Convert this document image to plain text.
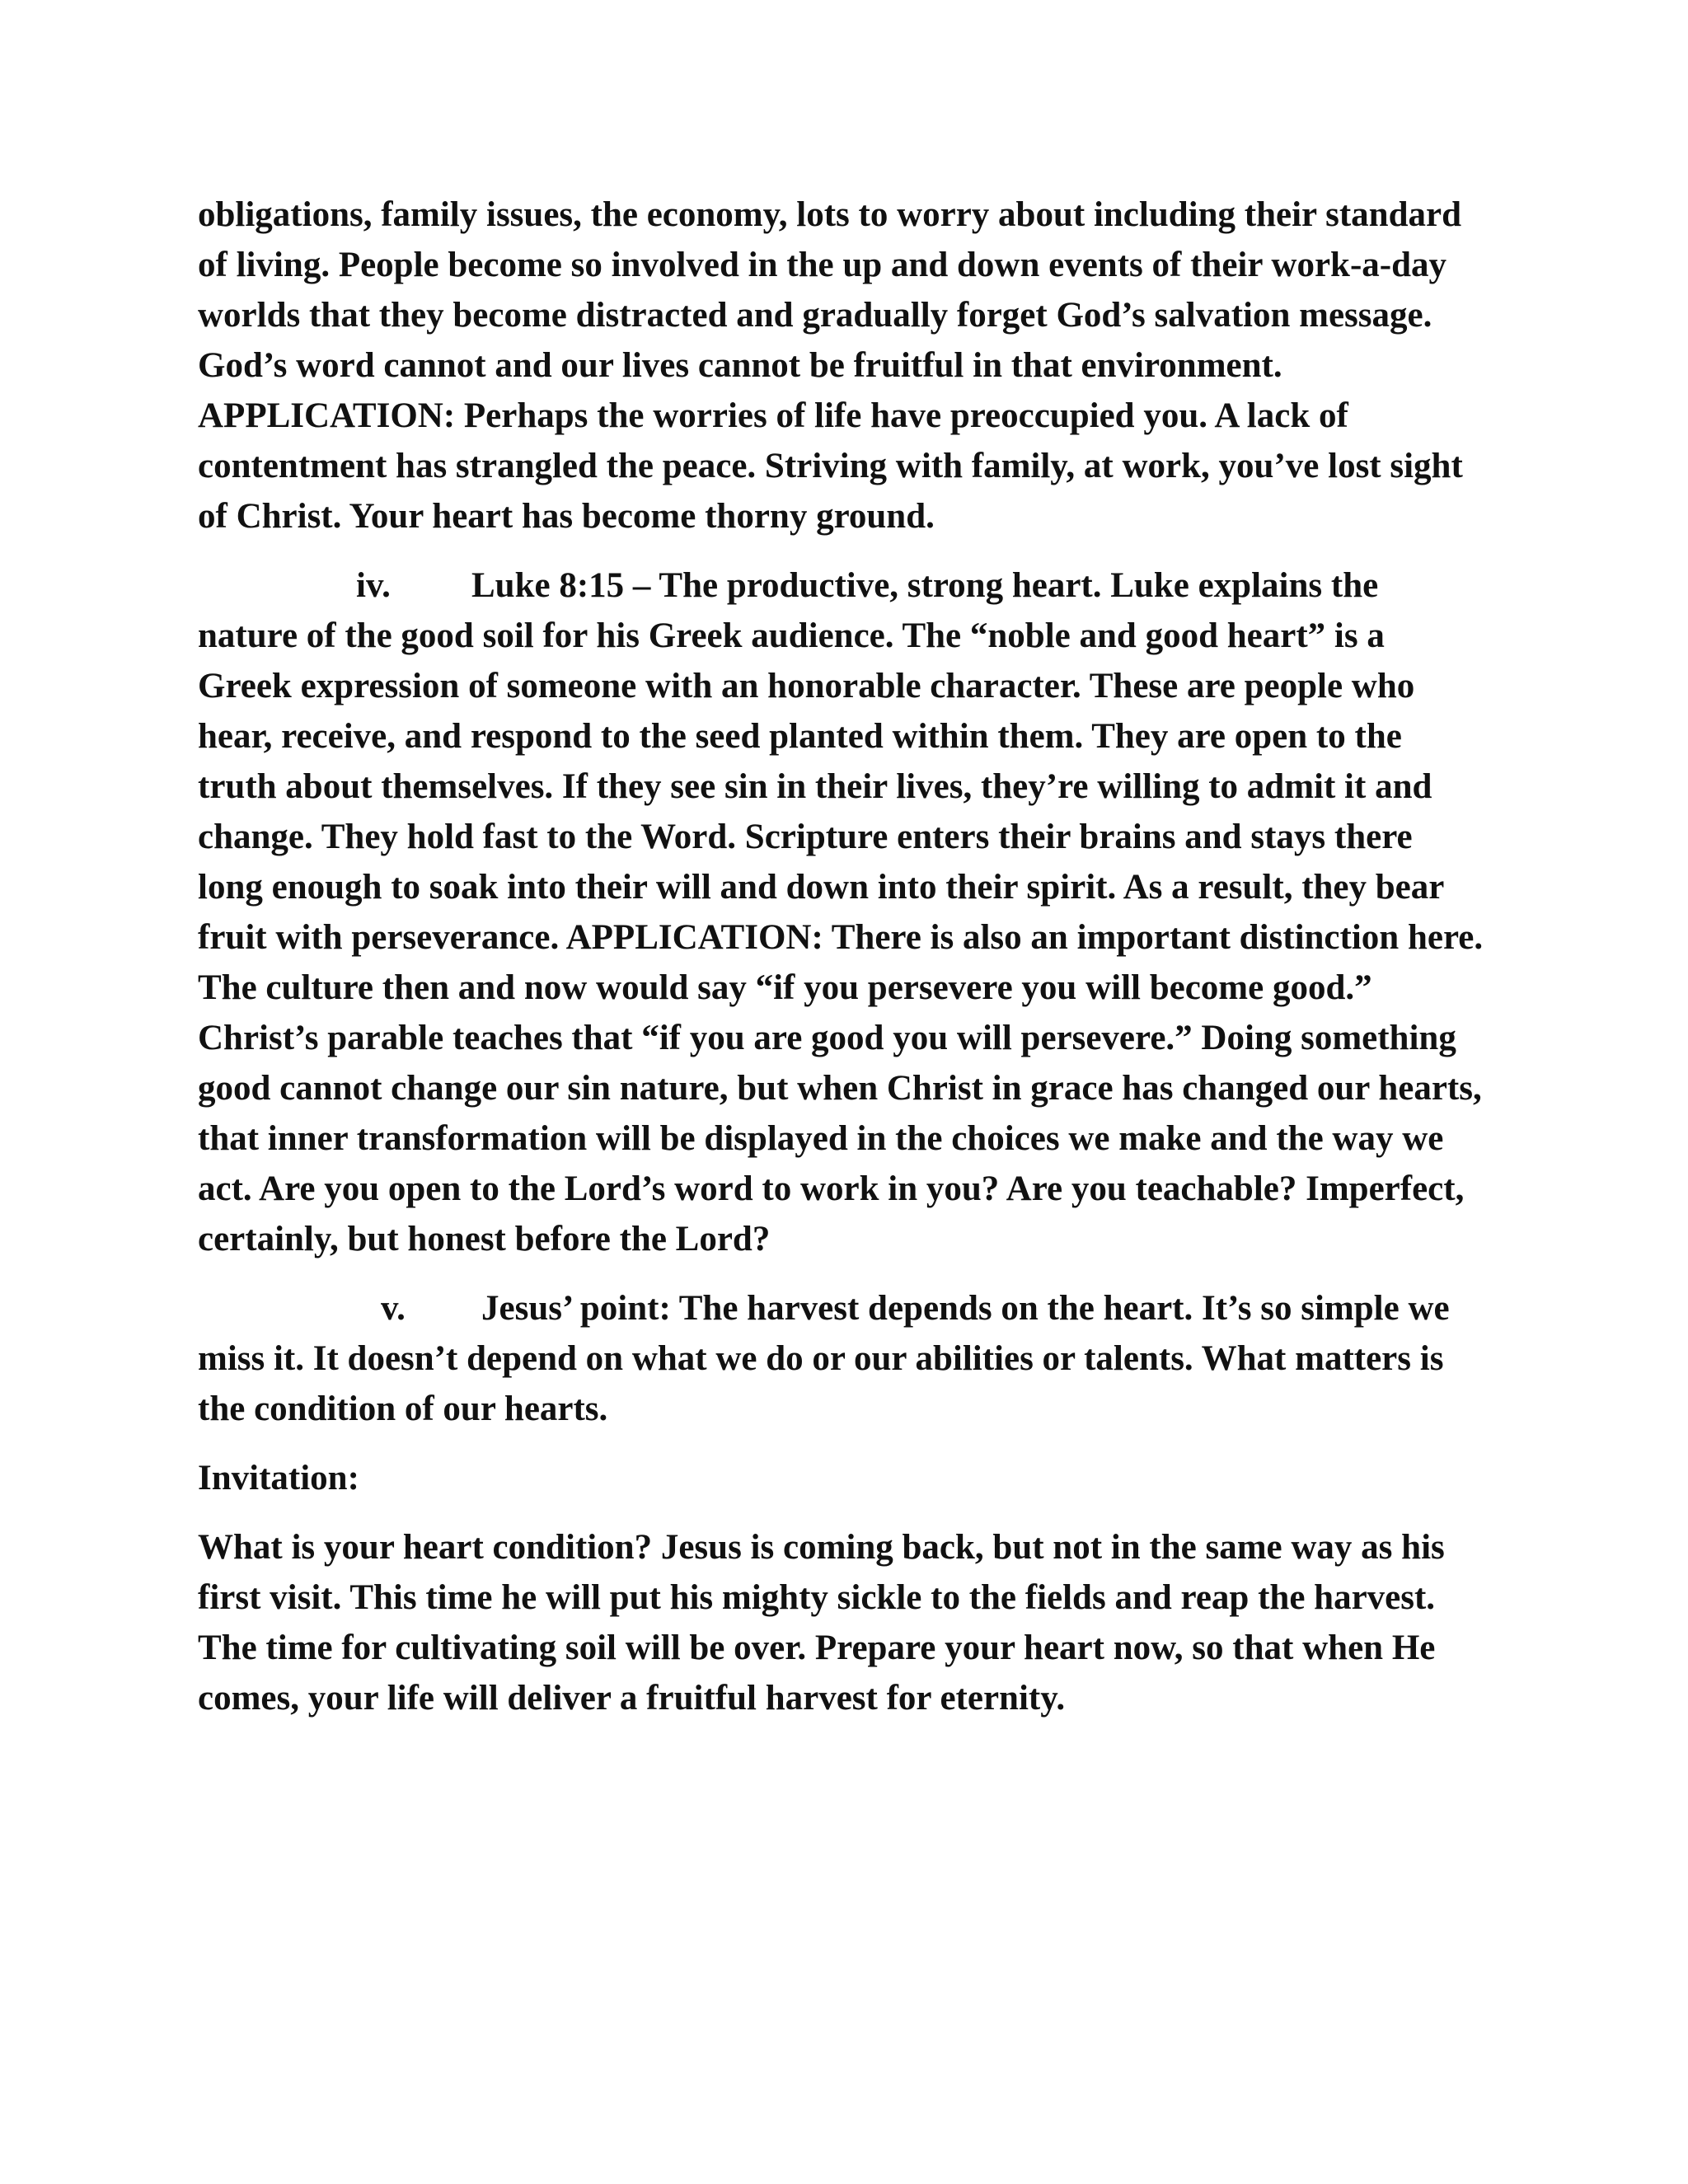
obligations, family issues, the economy, lots to worry about including their standard of living. People become so involved in the up and down events of their work-a-day worlds that they become distracted and gradually forget God’s salvation message. God’s word cannot and our lives cannot be fruitful in that environment. APPLICATION: Perhaps the worries of life have preoccupied you. A lack of contentment has strangled the peace. Striving with family, at work, you’ve lost sight of Christ. Your heart has become thorny ground.

iv. Luke 8:15 – The productive, strong heart. Luke explains the nature of the good soil for his Greek audience. The “noble and good heart” is a Greek expression of someone with an honorable character. These are people who hear, receive, and respond to the seed planted within them. They are open to the truth about themselves. If they see sin in their lives, they’re willing to admit it and change. They hold fast to the Word. Scripture enters their brains and stays there long enough to soak into their will and down into their spirit. As a result, they bear fruit with perseverance. APPLICATION: There is also an important distinction here. The culture then and now would say “if you persevere you will become good.” Christ’s parable teaches that “if you are good you will persevere.” Doing something good cannot change our sin nature, but when Christ in grace has changed our hearts, that inner transformation will be displayed in the choices we make and the way we act. Are you open to the Lord’s word to work in you? Are you teachable? Imperfect, certainly, but honest before the Lord?

v. Jesus’ point: The harvest depends on the heart. It’s so simple we miss it. It doesn’t depend on what we do or our abilities or talents. What matters is the condition of our hearts.

Invitation:

What is your heart condition? Jesus is coming back, but not in the same way as his first visit. This time he will put his mighty sickle to the fields and reap the harvest. The time for cultivating soil will be over. Prepare your heart now, so that when He comes, your life will deliver a fruitful harvest for eternity.
